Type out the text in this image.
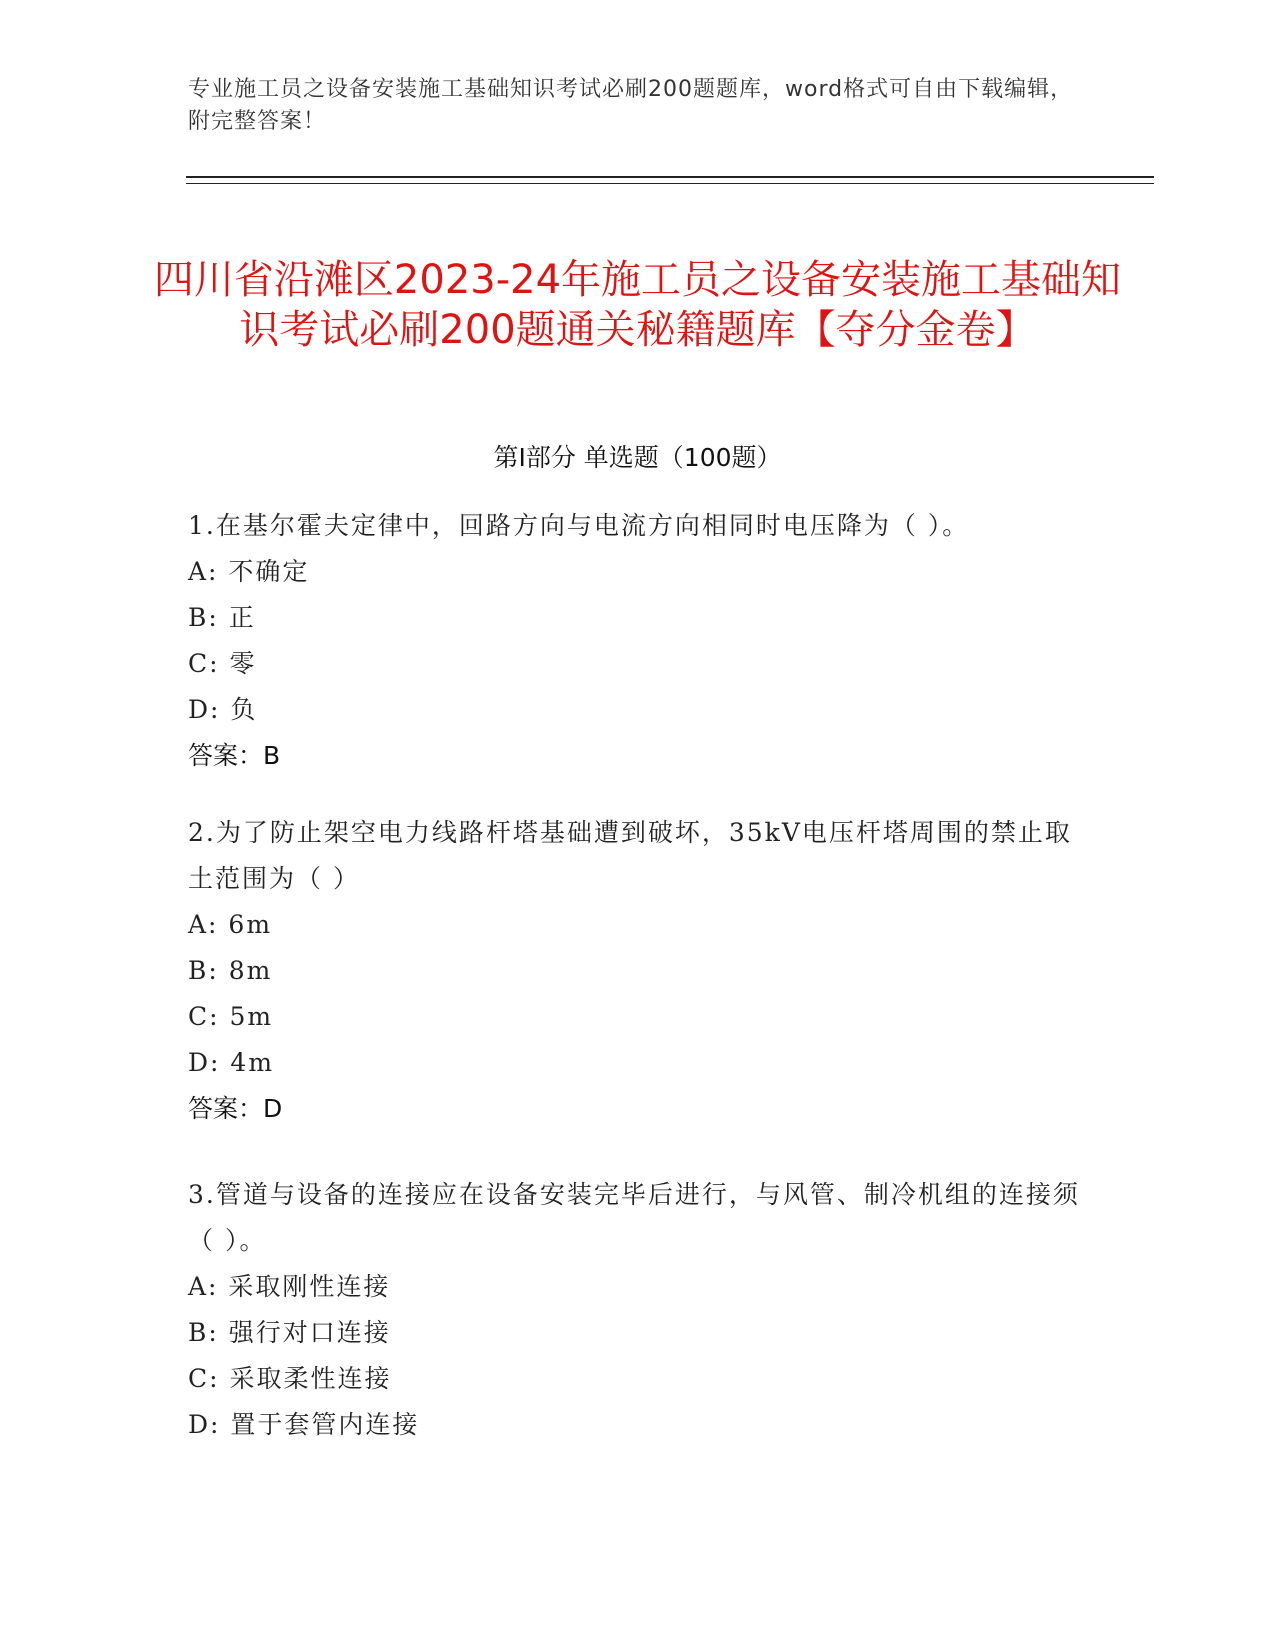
专业施工员之设备安装施工基础知识考试必刷200题题库，word格式可自由下载编辑，附完整答案！
四川省沿滩区2023-24年施工员之设备安装施工基础知识考试必刷200题通关秘籍题库【夺分金卷】
第Ⅰ部分 单选题（100题）

1.在基尔霍夫定律中，回路方向与电流方向相同时电压降为（ ）。

A: 不确定

B: 正

C: 零

D: 负

答案：B

2.为了防止架空电力线路杆塔基础遭到破坏，35kV电压杆塔周围的禁止取土范围为（ ）

A: 6m

B: 8m

C: 5m

D: 4m

答案：D

3.管道与设备的连接应在设备安装完毕后进行，与风管、制冷机组的连接须（ ）。

A: 采取刚性连接

B: 强行对口连接

C: 采取柔性连接

D: 置于套管内连接
